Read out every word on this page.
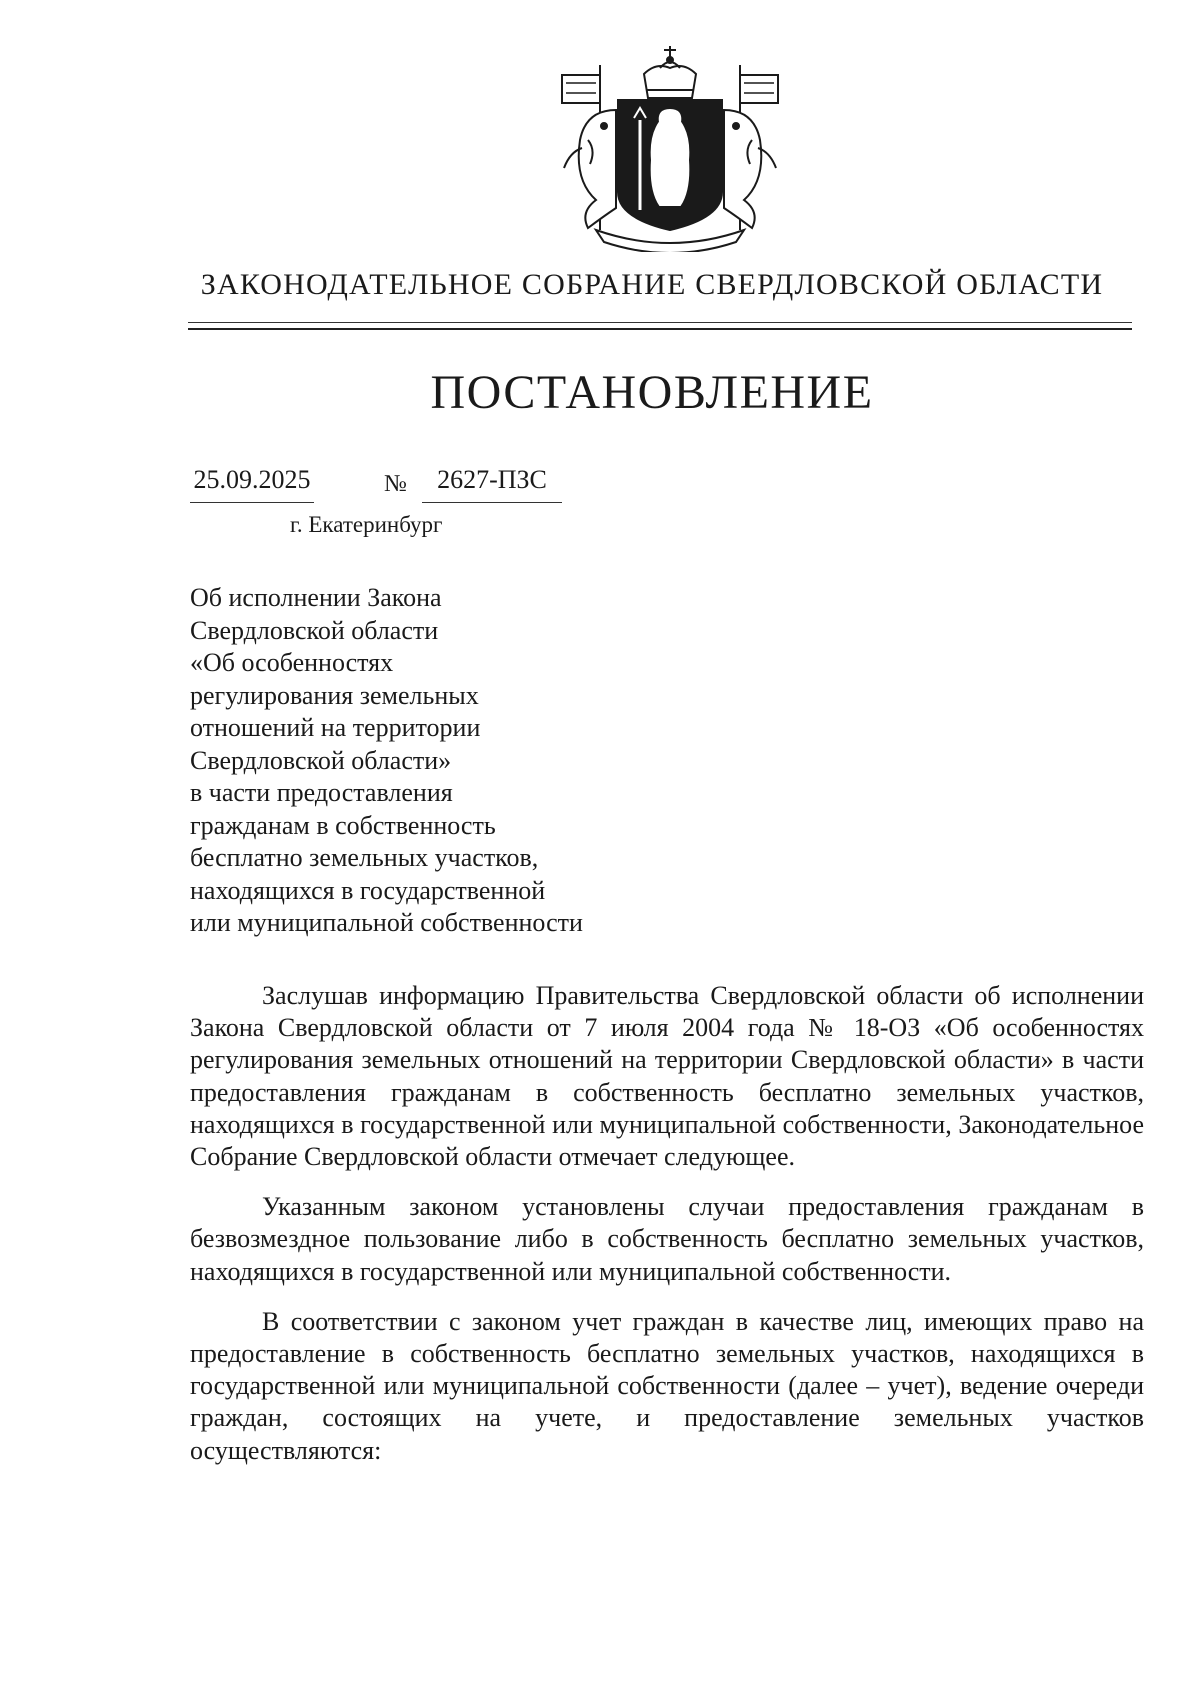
ЗАКОНОДАТЕЛЬНОЕ СОБРАНИЕ СВЕРДЛОВСКОЙ ОБЛАСТИ
ПОСТАНОВЛЕНИЕ
25.09.2025	№	2627-ПЗС
г. Екатеринбург
Об исполнении Закона
Свердловской области
«Об особенностях
регулирования земельных
отношений на территории
Свердловской области»
в части предоставления
гражданам в собственность
бесплатно земельных участков,
находящихся в государственной
или муниципальной собственности

Заслушав информацию Правительства Свердловской области об исполнении Закона Свердловской области от 7 июля 2004 года № 18-ОЗ «Об особенностях регулирования земельных отношений на территории Свердловской области» в части предоставления гражданам в собственность бесплатно земельных участков, находящихся в государственной или муниципальной собственности, Законодательное Собрание Свердловской области отмечает следующее.

Указанным законом установлены случаи предоставления гражданам в безвозмездное пользование либо в собственность бесплатно земельных участков, находящихся в государственной или муниципальной собственности.

В соответствии с законом учет граждан в качестве лиц, имеющих право на предоставление в собственность бесплатно земельных участков, находящихся в государственной или муниципальной собственности (далее – учет), ведение очереди граждан, состоящих на учете, и предоставление земельных участков осуществляются:
